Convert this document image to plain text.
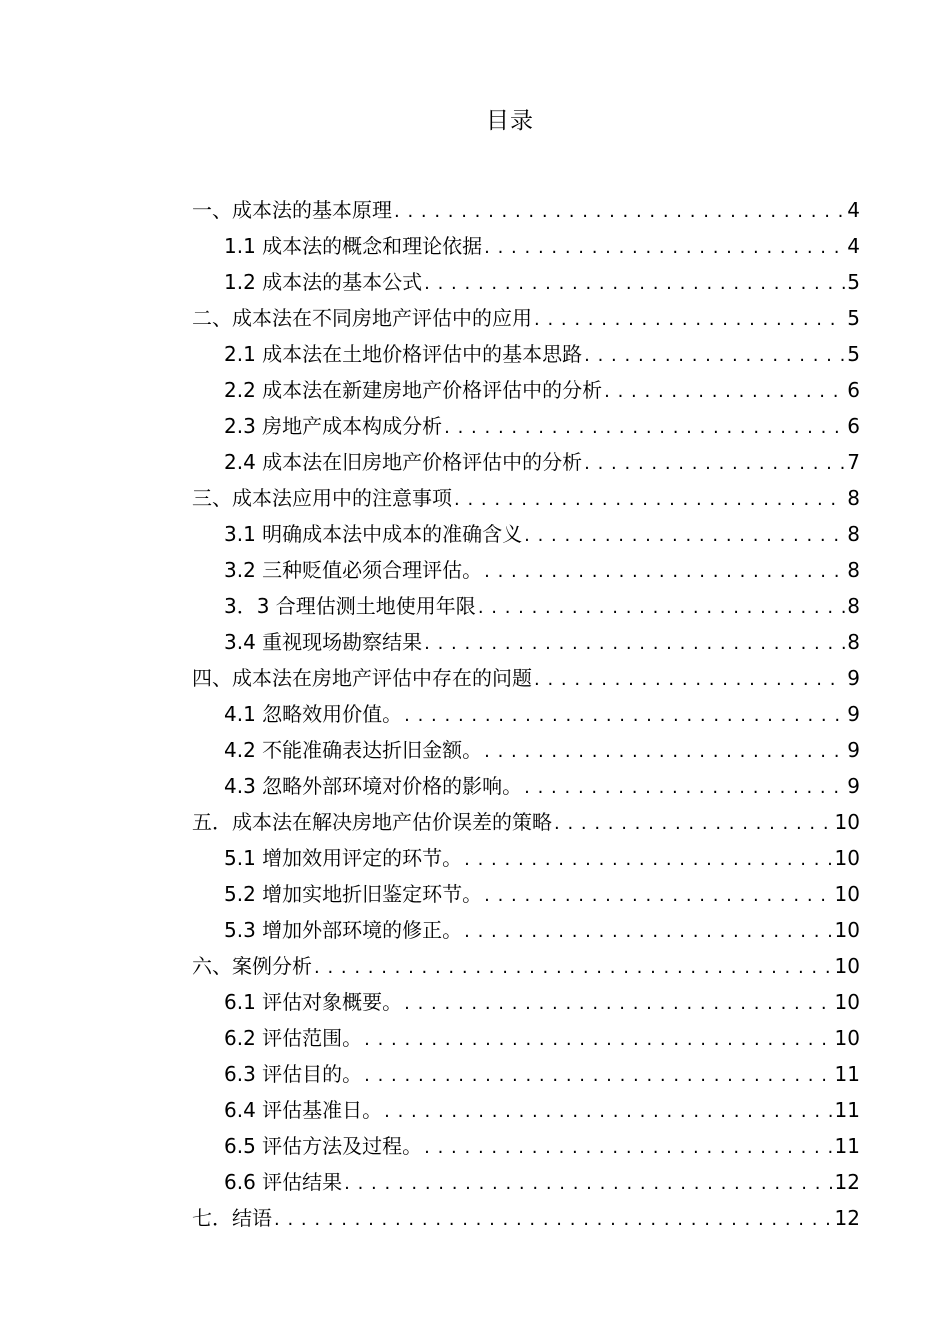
目录
一、成本法的基本原理 . . .	4
1.1 成本法的概念和理论依据 . . .	4
1.2 成本法的基本公式 . . .	5
二、成本法在不同房地产评估中的应用 . . .	5
2.1 成本法在土地价格评估中的基本思路 . . .	5
2.2 成本法在新建房地产价格评估中的分析 . . .	6
2.3 房地产成本构成分析 . . .	6
2.4 成本法在旧房地产价格评估中的分析 . . .	7
三、成本法应用中的注意事项 . . .	8
3.1 明确成本法中成本的准确含义 . . .	8
3.2 三种贬值必须合理评估。 . . .	8
3．3 合理估测土地使用年限 . . .	8
3.4 重视现场勘察结果 . . .	8
四、成本法在房地产评估中存在的问题 . . .	9
4.1 忽略效用价值。 . . .	9
4.2 不能准确表达折旧金额。 . . .	9
4.3 忽略外部环境对价格的影响。 . . .	9
五．成本法在解决房地产估价误差的策略 . . .	10
5.1 增加效用评定的环节。 . . .	10
5.2 增加实地折旧鉴定环节。 . . .	10
5.3 增加外部环境的修正。 . . .	10
六、案例分析 . . .	10
6.1 评估对象概要。 . . .	10
6.2 评估范围。 . . .	10
6.3 评估目的。 . . .	11
6.4 评估基准日。 . . .	11
6.5 评估方法及过程。 . . .	11
6.6 评估结果 . . .	12
七．结语 . . .	12
